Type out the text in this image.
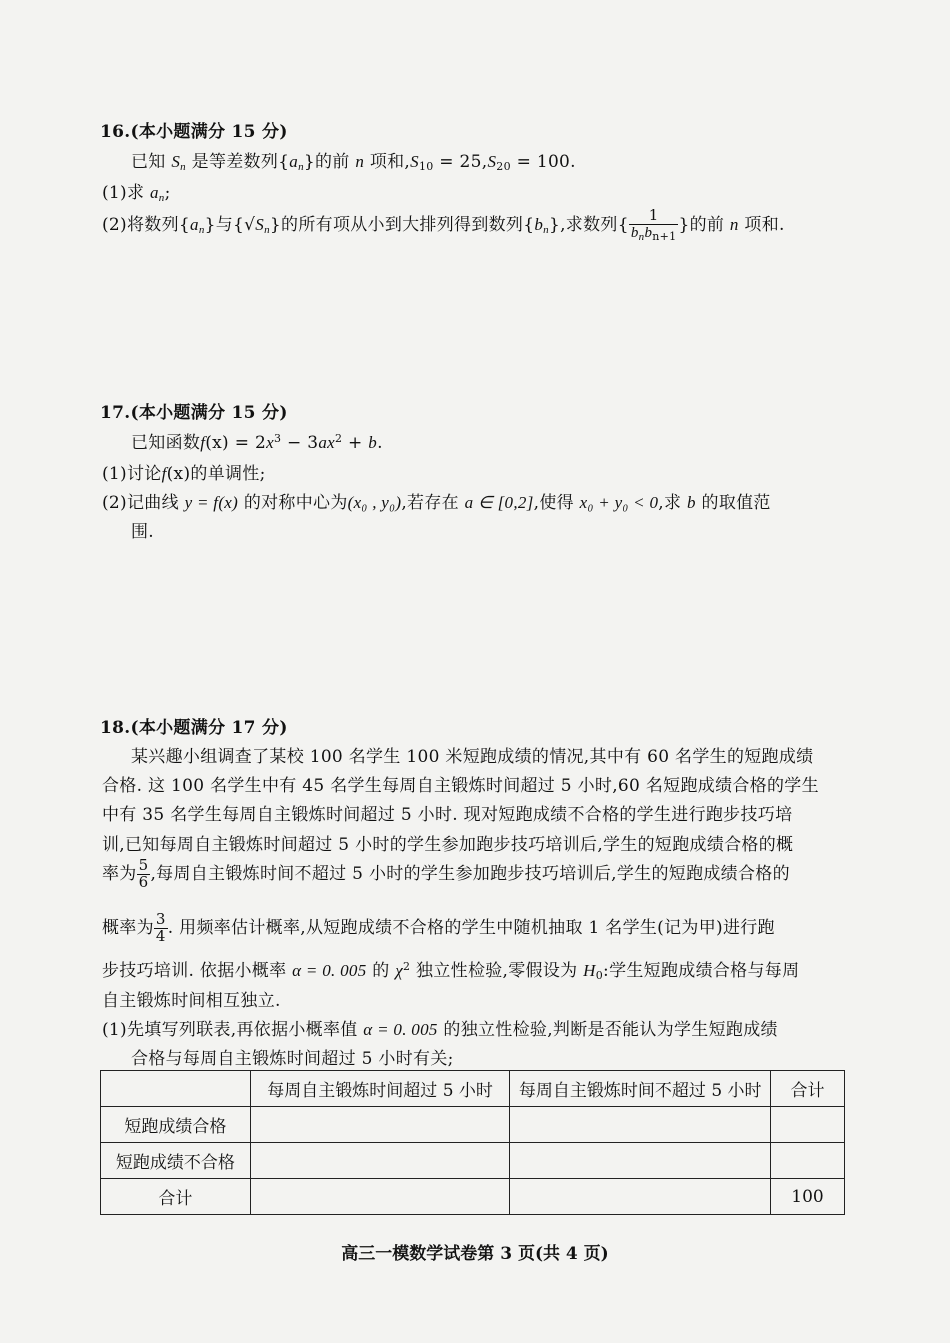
16.(本小题满分 15 分)
已知 $S_n$ 是等差数列$\{a_n\}$的前 n 项和$,S_{10} = 25,S_{20} = 100$.
(1)求 $a_n$;
(2)将数列$\{a_n\}$与$\{√S_n\}$的所有项从小到大排列得到数列$\{b_n\}$,求数列{ $\frac{1}{b_nb_{n+1}}$ }的前 n 项和.
17.(本小题满分 15 分)
已知函数$f(x) = 2x^3 - 3ax^2 + b$.
(1)讨论f(x)的单调性;
(2)记曲线 y = f(x) 的对称中心为(x₀ , y₀),若存在 a ∈ [0,2],使得 x₀ + y₀ < 0,求 b 的取值范
围.
18.(本小题满分 17 分)
某兴趣小组调查了某校 100 名学生 100 米短跑成绩的情况,其中有 60 名学生的短跑成绩
合格. 这 100 名学生中有 45 名学生每周自主锻炼时间超过 5 小时,60 名短跑成绩合格的学生
中有 35 名学生每周自主锻炼时间超过 5 小时. 现对短跑成绩不合格的学生进行跑步技巧培
训,已知每周自主锻炼时间超过 5 小时的学生参加跑步技巧培训后,学生的短跑成绩合格的概
率为 $\frac{5}{6}$ ,每周自主锻炼时间不超过 5 小时的学生参加跑步技巧培训后,学生的短跑成绩合格的
概率为 $\frac{3}{4}$ . 用频率估计概率,从短跑成绩不合格的学生中随机抽取 1 名学生(记为甲)进行跑
步技巧培训. 依据小概率 α = 0. 005 的 $\chi^2$ 独立性检验,零假设为 $H_0$:学生短跑成绩合格与每周
自主锻炼时间相互独立.
(1)先填写列联表,再依据小概率值 α = 0. 005 的独立性检验,判断是否能认为学生短跑成绩
合格与每周自主锻炼时间超过 5 小时有关;
	每周自主锻炼时间超过 5 小时	每周自主锻炼时间不超过 5 小时	合计
短跑成绩合格			
短跑成绩不合格			
合计			100
高三一模数学试卷第 3 页(共 4 页)
